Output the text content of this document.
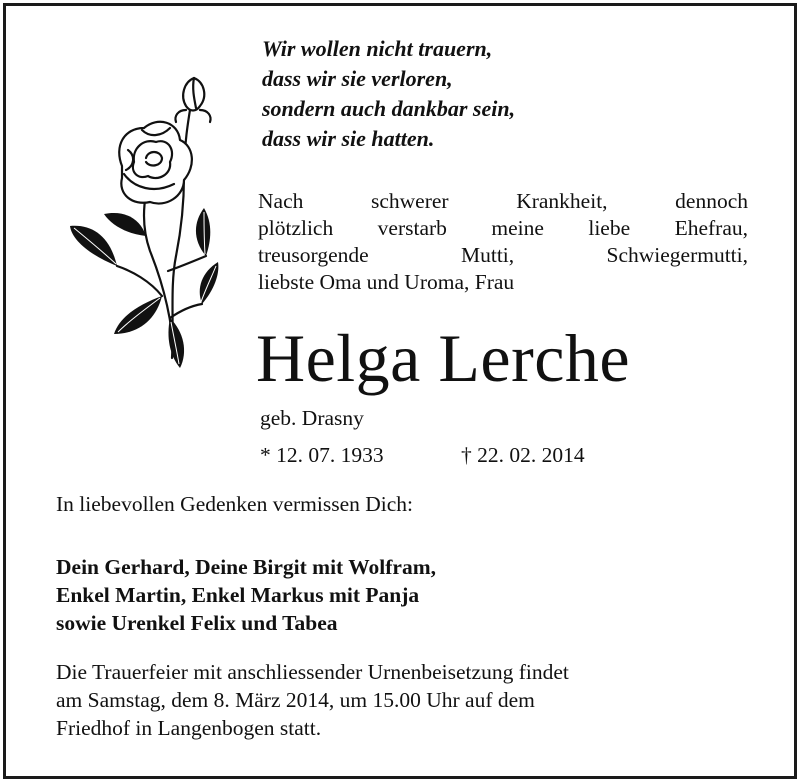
Wir wollen nicht trauern,
dass wir sie verloren,
sondern auch dankbar sein,
dass wir sie hatten.
Nach schwerer Krankheit, dennoch
plötzlich verstarb meine liebe Ehefrau,
treusorgende Mutti, Schwiegermutti,
liebste Oma und Uroma, Frau
Helga Lerche
geb. Drasny
* 12. 07. 1933	† 22. 02. 2014
In liebevollen Gedenken vermissen Dich:
Dein Gerhard, Deine Birgit mit Wolfram,
Enkel Martin, Enkel Markus mit Panja
sowie Urenkel Felix und Tabea
Die Trauerfeier mit anschliessender Urnenbeisetzung findet
am Samstag, dem 8. März 2014, um 15.00 Uhr auf dem
Friedhof in Langenbogen statt.
